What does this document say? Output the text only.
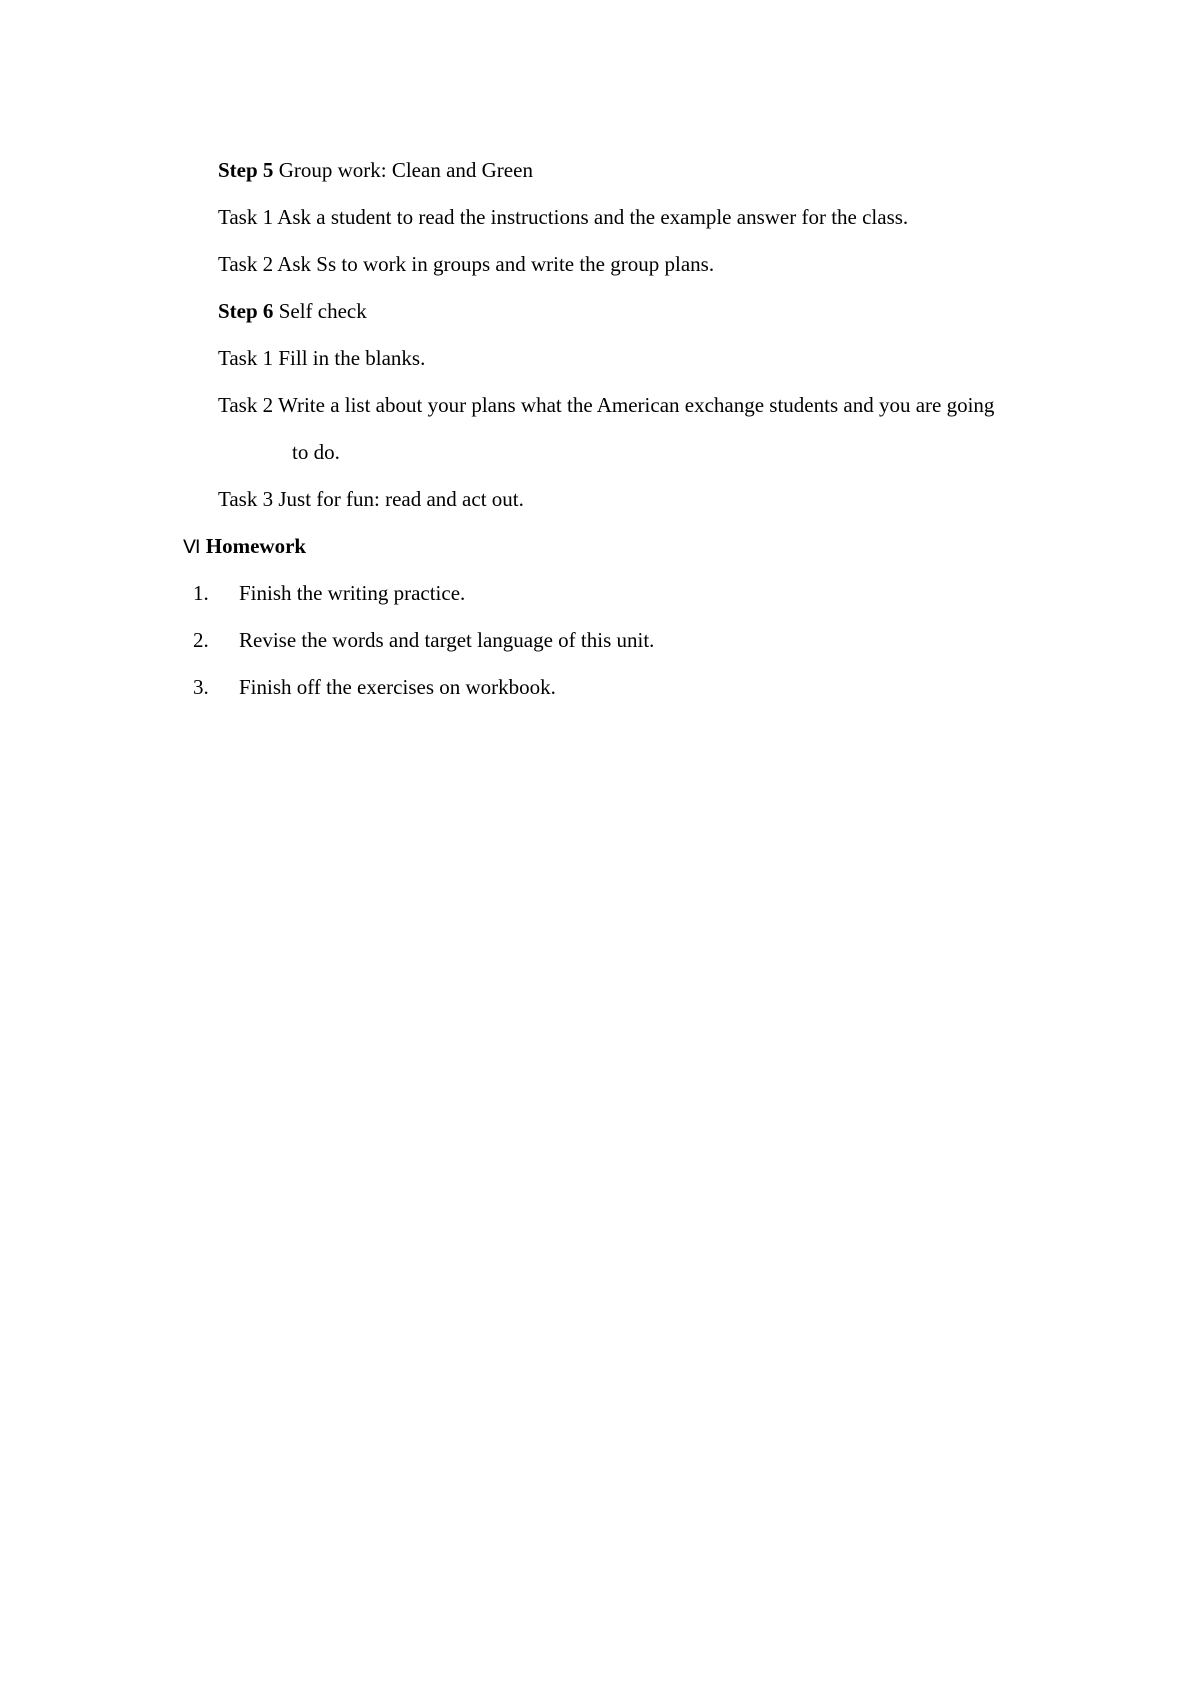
Step 5 Group work: Clean and Green
Task 1 Ask a student to read the instructions and the example answer for the class.
Task 2 Ask Ss to work in groups and write the group plans.
Step 6 Self check
Task 1 Fill in the blanks.
Task 2 Write a list about your plans what the American exchange students and you are going
to do.
Task 3 Just for fun: read and act out.
Ⅵ Homework
1. Finish the writing practice.
2. Revise the words and target language of this unit.
3. Finish off the exercises on workbook.
